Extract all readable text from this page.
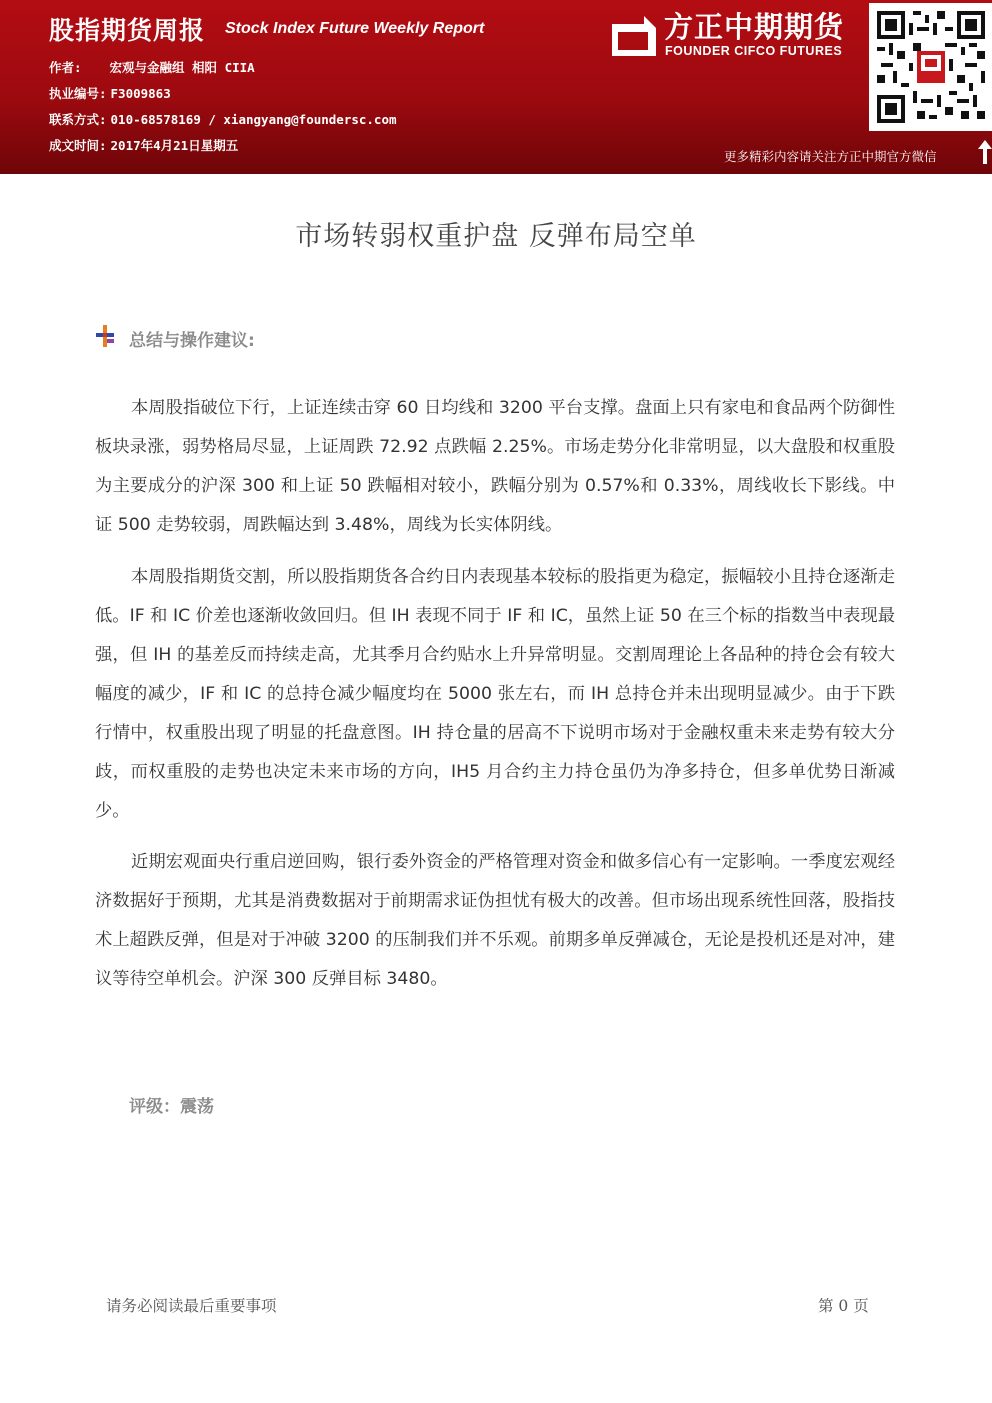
股指期货周报 Stock Index Future Weekly Report
作者: 宏观与金融组 相阳 CIIA
执业编号: F3009863
联系方式: 010-68578169 / xiangyang@foundersc.com
成文时间: 2017年4月21日星期五
方正中期期货
FOUNDER CIFCO FUTURES
更多精彩内容请关注方正中期官方微信
市场转弱权重护盘 反弹布局空单
总结与操作建议:

本周股指破位下行，上证连续击穿 60 日均线和 3200 平台支撑。盘面上只有家电和食品两个防御性板块录涨，弱势格局尽显，上证周跌 72.92 点跌幅 2.25%。市场走势分化非常明显，以大盘股和权重股为主要成分的沪深 300 和上证 50 跌幅相对较小，跌幅分别为 0.57%和 0.33%，周线收长下影线。中证 500 走势较弱，周跌幅达到 3.48%，周线为长实体阴线。

本周股指期货交割，所以股指期货各合约日内表现基本较标的股指更为稳定，振幅较小且持仓逐渐走低。IF 和 IC 价差也逐渐收敛回归。但 IH 表现不同于 IF 和 IC，虽然上证 50 在三个标的指数当中表现最强，但 IH 的基差反而持续走高，尤其季月合约贴水上升异常明显。交割周理论上各品种的持仓会有较大幅度的减少，IF 和 IC 的总持仓减少幅度均在 5000 张左右，而 IH 总持仓并未出现明显减少。由于下跌行情中，权重股出现了明显的托盘意图。IH 持仓量的居高不下说明市场对于金融权重未来走势有较大分歧，而权重股的走势也决定未来市场的方向，IH5 月合约主力持仓虽仍为净多持仓，但多单优势日渐减少。

近期宏观面央行重启逆回购，银行委外资金的严格管理对资金和做多信心有一定影响。一季度宏观经济数据好于预期，尤其是消费数据对于前期需求证伪担忧有极大的改善。但市场出现系统性回落，股指技术上超跌反弹，但是对于冲破 3200 的压制我们并不乐观。前期多单反弹减仓，无论是投机还是对冲，建议等待空单机会。沪深 300 反弹目标 3480。

评级：震荡
请务必阅读最后重要事项	第 0 页
